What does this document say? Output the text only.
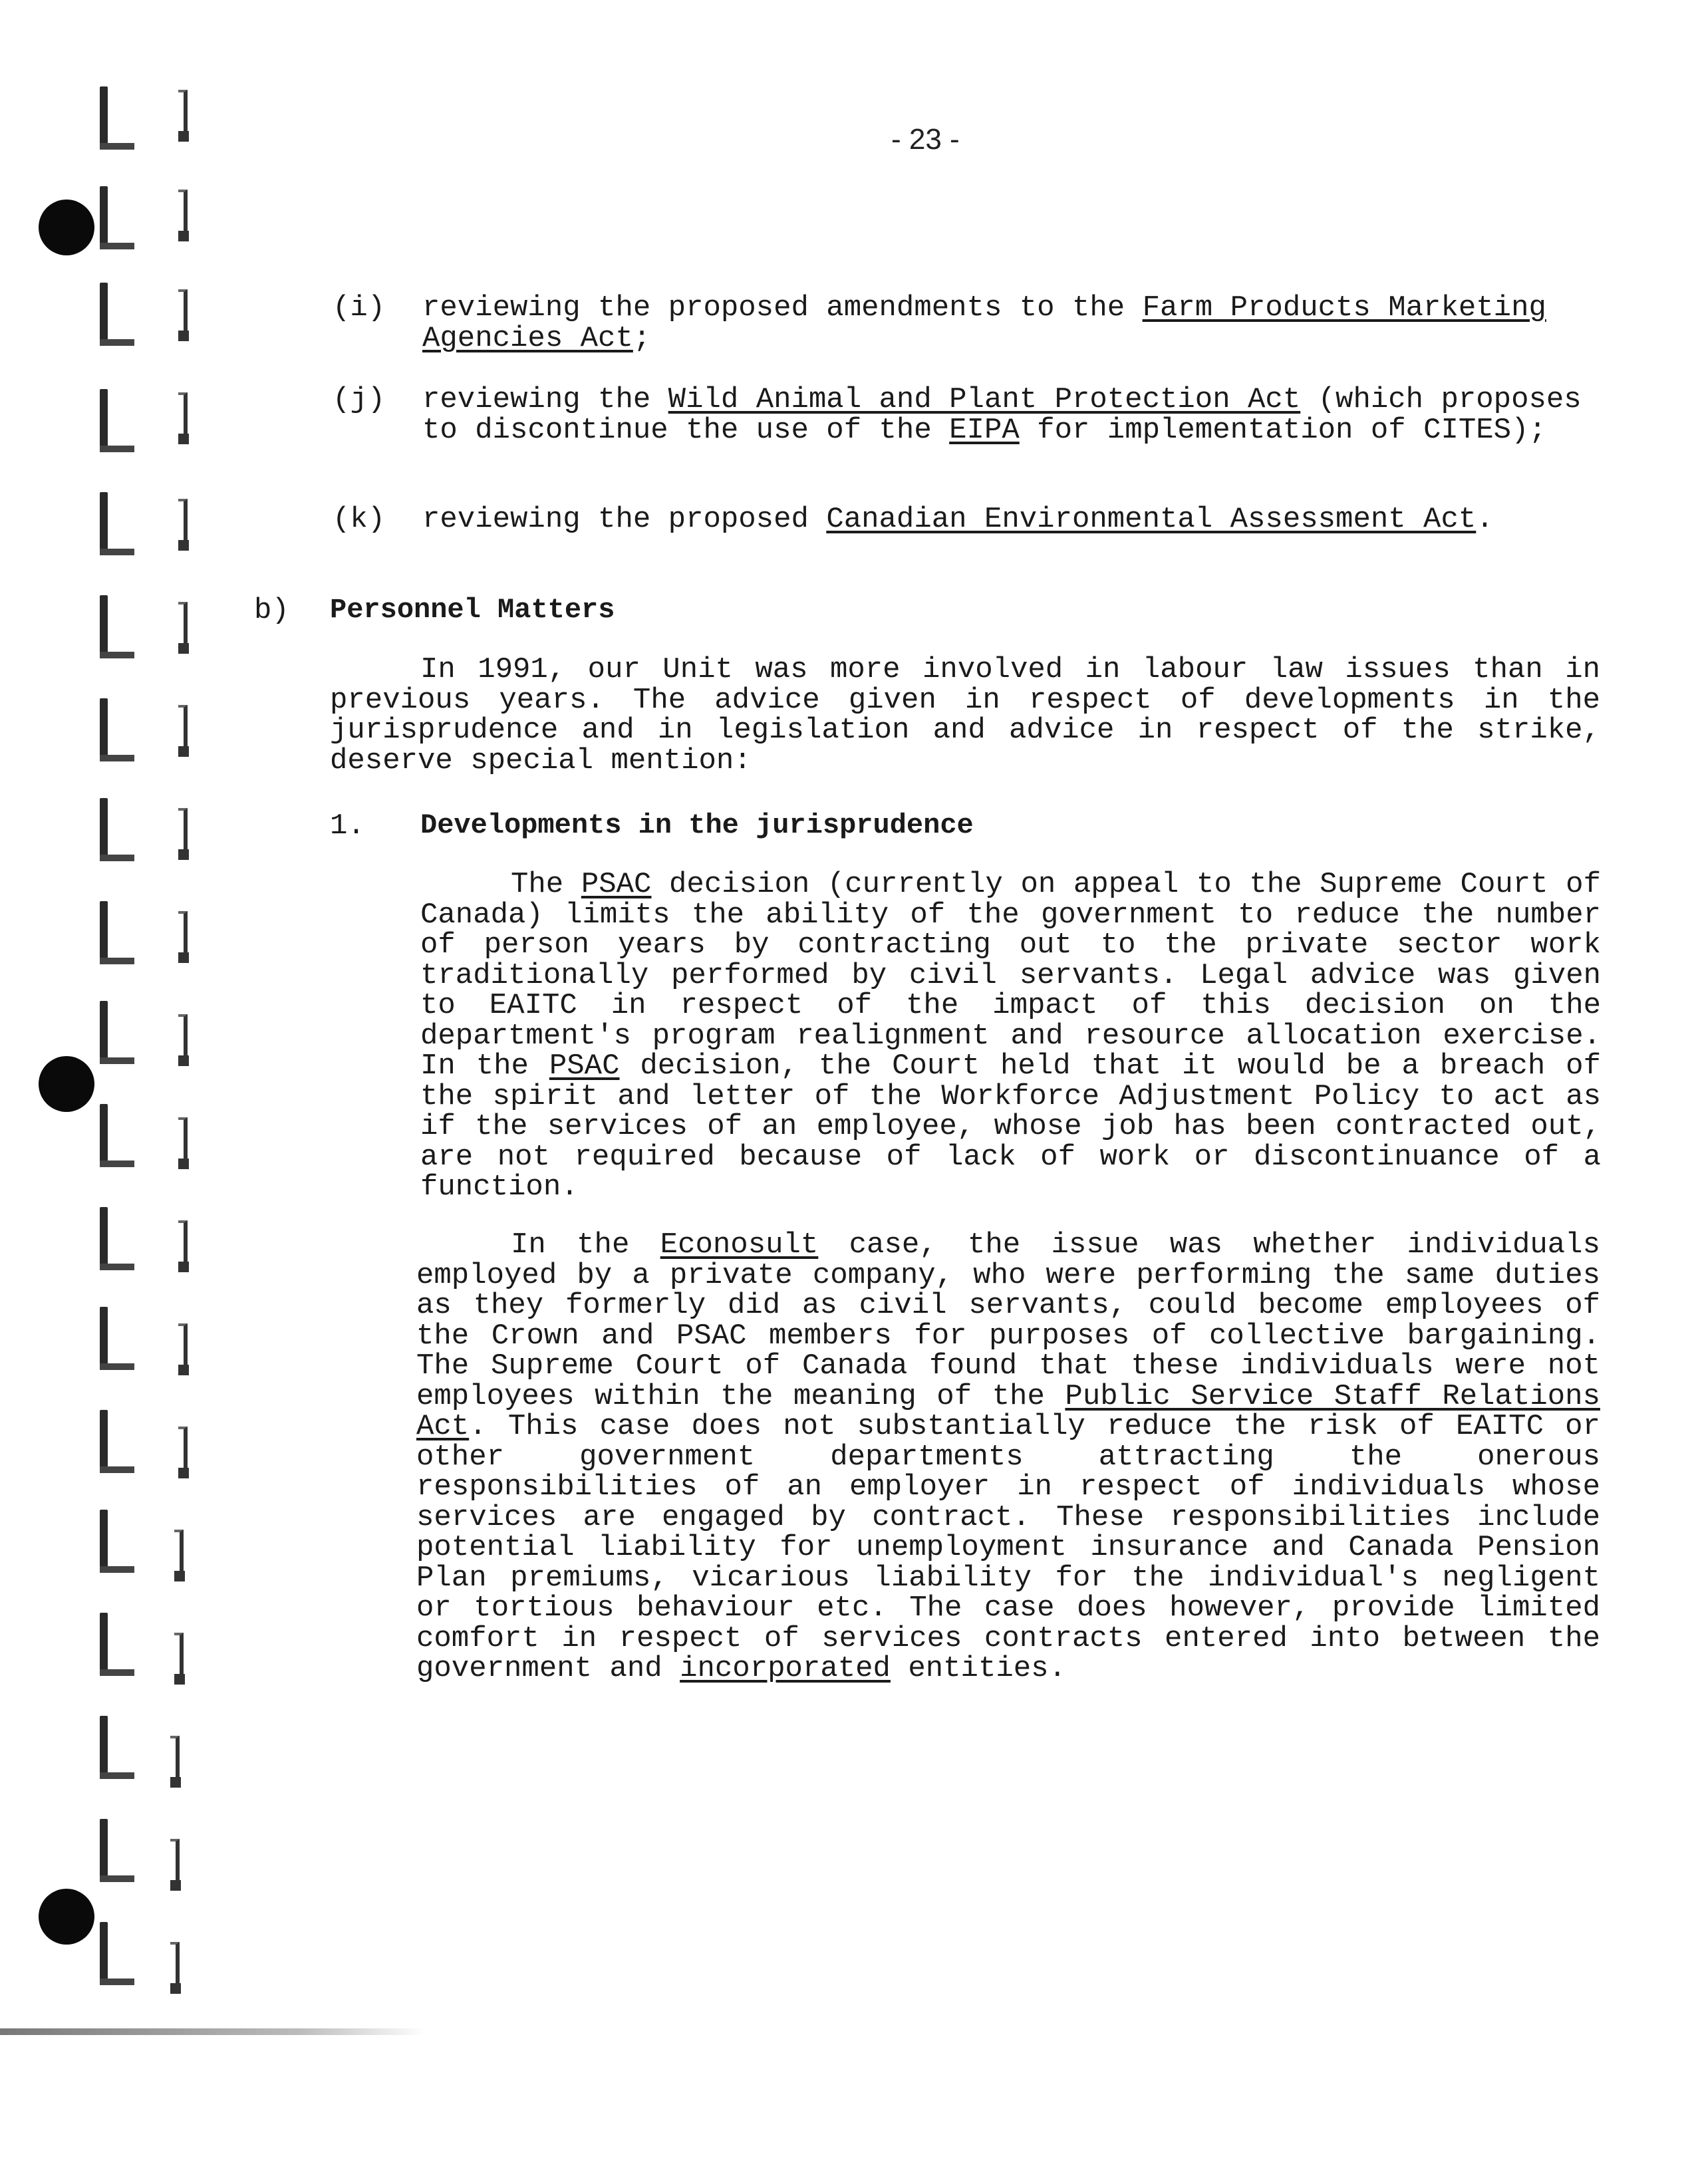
- 23 -
(i) reviewing the proposed amendments to the Farm Products Marketing Agencies Act;
(j) reviewing the Wild Animal and Plant Protection Act (which proposes to discontinue the use of the EIPA for implementation of CITES);
(k) reviewing the proposed Canadian Environmental Assessment Act.
b) Personnel Matters
In 1991, our Unit was more involved in labour law issues than in previous years. The advice given in respect of developments in the jurisprudence and in legislation and advice in respect of the strike, deserve special mention:
1. Developments in the jurisprudence
The PSAC decision (currently on appeal to the Supreme Court of Canada) limits the ability of the government to reduce the number of person years by contracting out to the private sector work traditionally performed by civil servants. Legal advice was given to EAITC in respect of the impact of this decision on the department's program realignment and resource allocation exercise. In the PSAC decision, the Court held that it would be a breach of the spirit and letter of the Workforce Adjustment Policy to act as if the services of an employee, whose job has been contracted out, are not required because of lack of work or discontinuance of a function.
In the Econosult case, the issue was whether individuals employed by a private company, who were performing the same duties as they formerly did as civil servants, could become employees of the Crown and PSAC members for purposes of collective bargaining. The Supreme Court of Canada found that these individuals were not employees within the meaning of the Public Service Staff Relations Act. This case does not substantially reduce the risk of EAITC or other government departments attracting the onerous responsibilities of an employer in respect of individuals whose services are engaged by contract. These responsibilities include potential liability for unemployment insurance and Canada Pension Plan premiums, vicarious liability for the individual's negligent or tortious behaviour etc. The case does however, provide limited comfort in respect of services contracts entered into between the government and incorporated entities.
